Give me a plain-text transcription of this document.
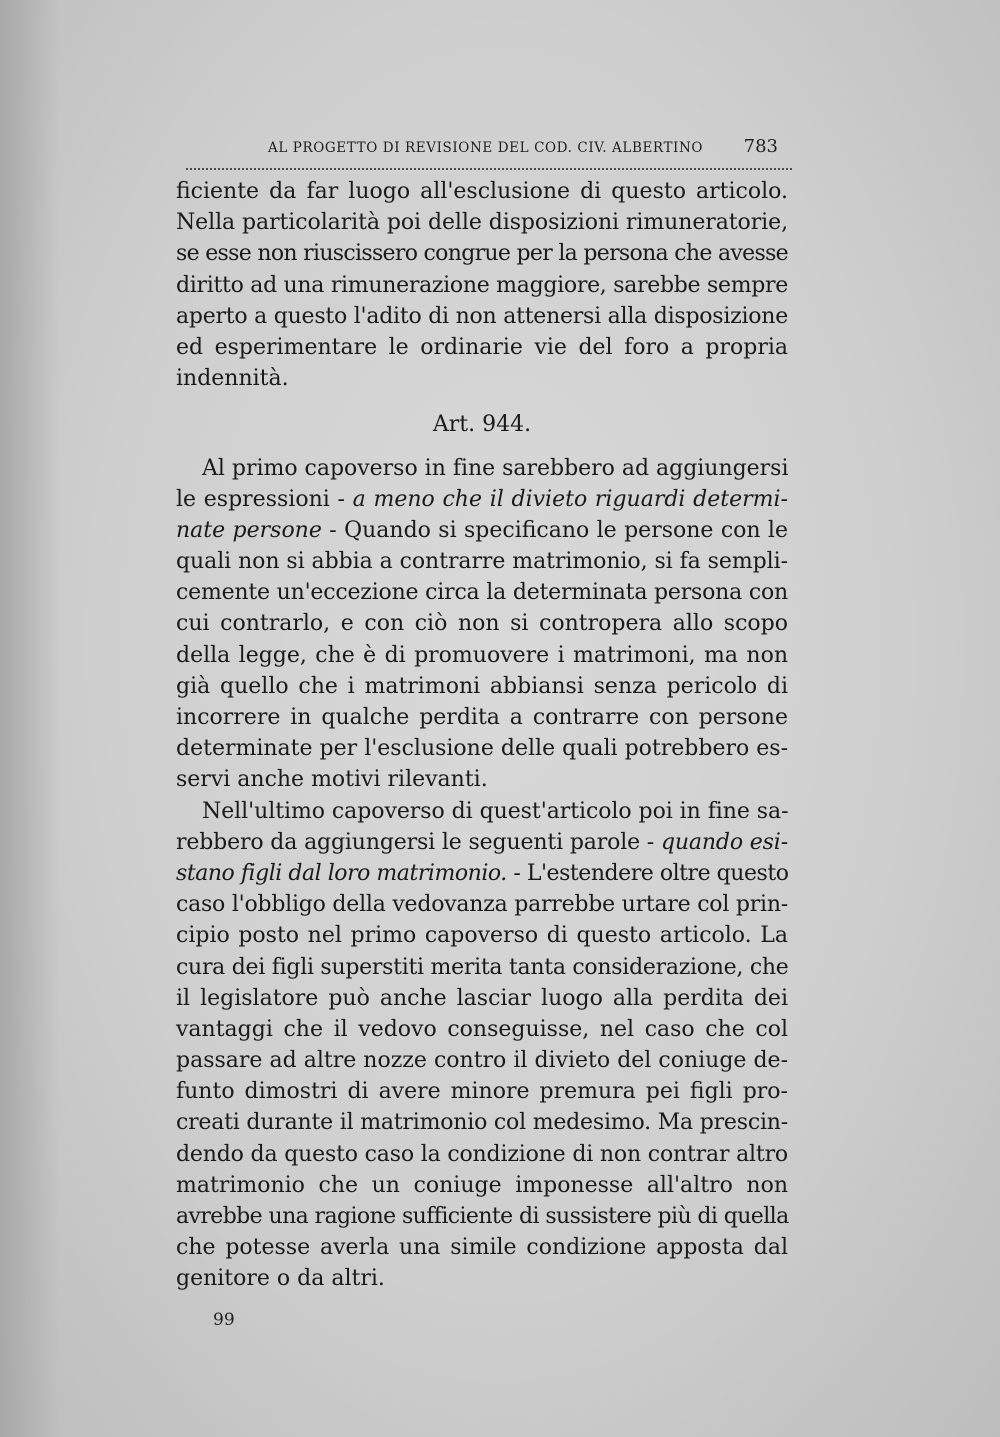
AL PROGETTO DI REVISIONE DEL COD. CIV. ALBERTINO 783
ficiente da far luogo all'esclusione di questo articolo.
Nella particolarità poi delle disposizioni rimuneratorie,
se esse non riuscissero congrue per la persona che avesse
diritto ad una rimunerazione maggiore, sarebbe sempre
aperto a questo l'adito di non attenersi alla disposizione
ed esperimentare le ordinarie vie del foro a propria
indennità.
Art. 944.
Al primo capoverso in fine sarebbero ad aggiungersi
le espressioni - a meno che il divieto riguardi determi-
nate persone - Quando si specificano le persone con le
quali non si abbia a contrarre matrimonio, si fa sempli-
cemente un'eccezione circa la determinata persona con
cui contrarlo, e con ciò non si contropera allo scopo
della legge, che è di promuovere i matrimoni, ma non
già quello che i matrimoni abbiansi senza pericolo di
incorrere in qualche perdita a contrarre con persone
determinate per l'esclusione delle quali potrebbero es-
servi anche motivi rilevanti.
Nell'ultimo capoverso di quest'articolo poi in fine sa-
rebbero da aggiungersi le seguenti parole - quando esi-
stano figli dal loro matrimonio. - L'estendere oltre questo
caso l'obbligo della vedovanza parrebbe urtare col prin-
cipio posto nel primo capoverso di questo articolo. La
cura dei figli superstiti merita tanta considerazione, che
il legislatore può anche lasciar luogo alla perdita dei
vantaggi che il vedovo conseguisse, nel caso che col
passare ad altre nozze contro il divieto del coniuge de-
funto dimostri di avere minore premura pei figli pro-
creati durante il matrimonio col medesimo. Ma prescin-
dendo da questo caso la condizione di non contrar altro
matrimonio che un coniuge imponesse all'altro non
avrebbe una ragione sufficiente di sussistere più di quella
che potesse averla una simile condizione apposta dal
genitore o da altri.
99
